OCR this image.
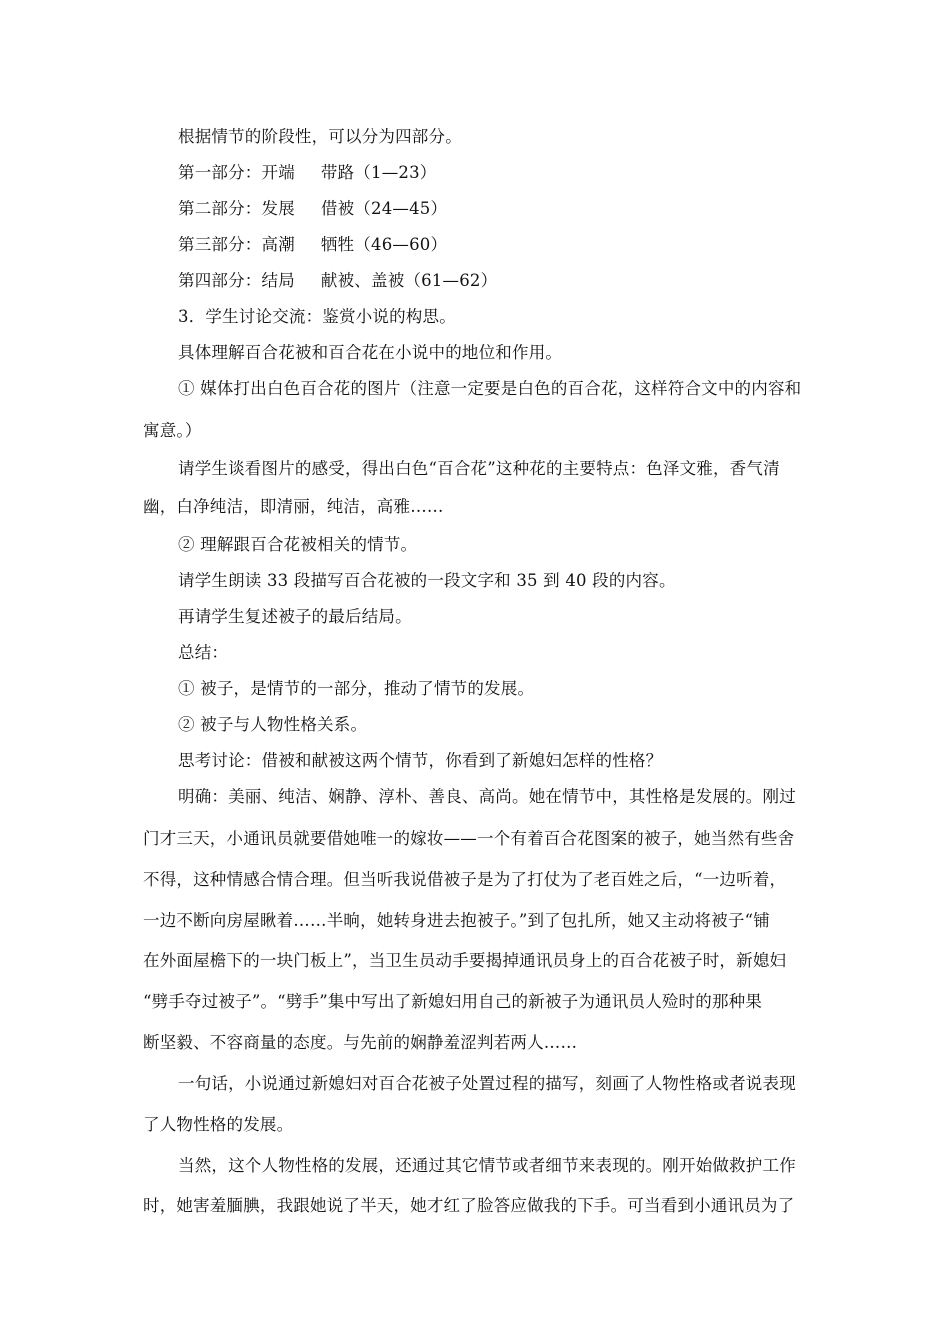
根据情节的阶段性，可以分为四部分。
第一部分：开端 带路（1—23）
第二部分：发展 借被（24—45）
第三部分：高潮 牺牲（46—60）
第四部分：结局 献被、盖被（61—62）
3．学生讨论交流：鉴赏小说的构思。
具体理解百合花被和百合花在小说中的地位和作用。
① 媒体打出白色百合花的图片（注意一定要是白色的百合花，这样符合文中的内容和
寓意。）
请学生谈看图片的感受，得出白色“百合花”这种花的主要特点：色泽文雅，香气清
幽，白净纯洁，即清丽，纯洁，高雅……
② 理解跟百合花被相关的情节。
请学生朗读 33 段描写百合花被的一段文字和 35 到 40 段的内容。
再请学生复述被子的最后结局。
总结：
① 被子，是情节的一部分，推动了情节的发展。
② 被子与人物性格关系。
思考讨论：借被和献被这两个情节，你看到了新媳妇怎样的性格？
明确：美丽、纯洁、娴静、淳朴、善良、高尚。她在情节中，其性格是发展的。刚过
门才三天，小通讯员就要借她唯一的嫁妆——一个有着百合花图案的被子，她当然有些舍
不得，这种情感合情合理。但当听我说借被子是为了打仗为了老百姓之后，“一边听着，
一边不断向房屋瞅着……半晌，她转身进去抱被子。”到了包扎所，她又主动将被子“铺
在外面屋檐下的一块门板上”，当卫生员动手要揭掉通讯员身上的百合花被子时，新媳妇
“劈手夺过被子”。“劈手”集中写出了新媳妇用自己的新被子为通讯员人殓时的那种果
断坚毅、不容商量的态度。与先前的娴静羞涩判若两人……
一句话，小说通过新媳妇对百合花被子处置过程的描写，刻画了人物性格或者说表现
了人物性格的发展。
当然，这个人物性格的发展，还通过其它情节或者细节来表现的。刚开始做救护工作
时，她害羞腼腆，我跟她说了半天，她才红了脸答应做我的下手。可当看到小通讯员为了
